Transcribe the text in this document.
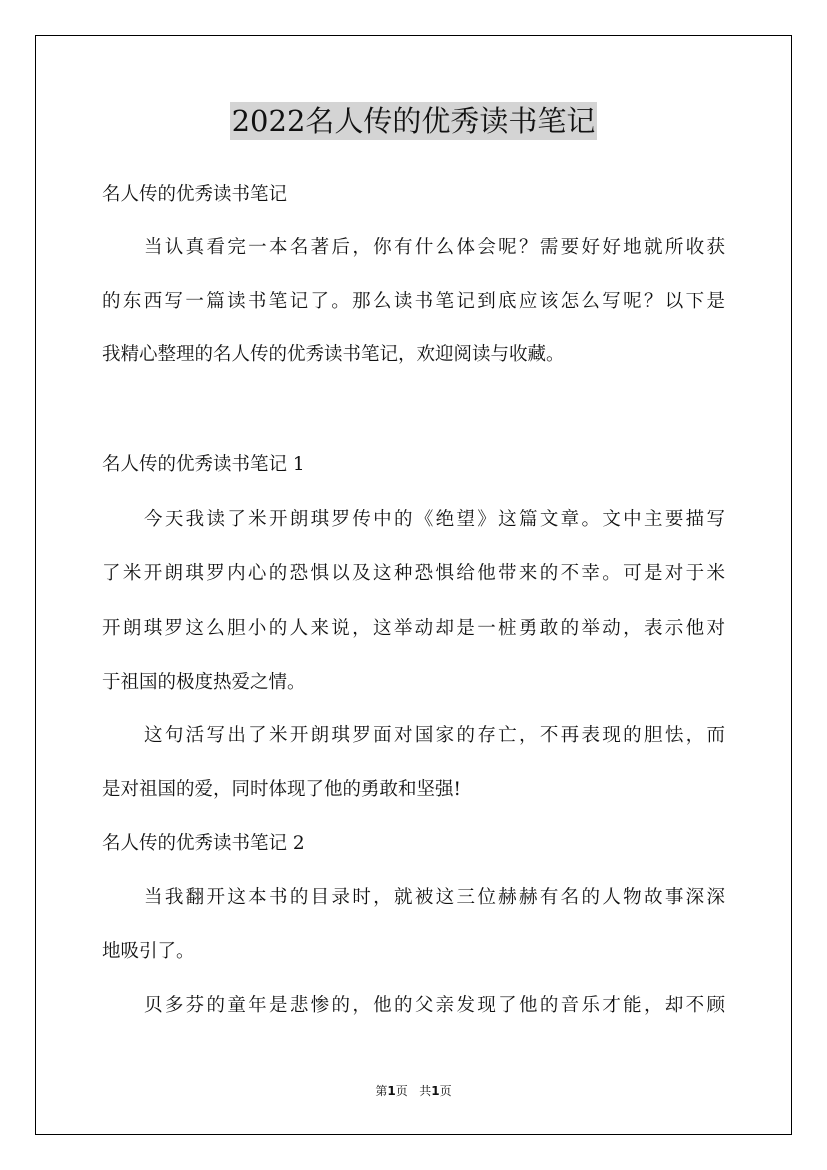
2022名人传的优秀读书笔记

名人传的优秀读书笔记

当认真看完一本名著后，你有什么体会呢？需要好好地就所收获

的东西写一篇读书笔记了。那么读书笔记到底应该怎么写呢？以下是

我精心整理的名人传的优秀读书笔记，欢迎阅读与收藏。

名人传的优秀读书笔记 1

今天我读了米开朗琪罗传中的《绝望》这篇文章。文中主要描写

了米开朗琪罗内心的恐惧以及这种恐惧给他带来的不幸。可是对于米

开朗琪罗这么胆小的人来说，这举动却是一桩勇敢的举动，表示他对

于祖国的极度热爱之情。

这句活写出了米开朗琪罗面对国家的存亡，不再表现的胆怯，而

是对祖国的爱，同时体现了他的勇敢和坚强!

名人传的优秀读书笔记 2

当我翻开这本书的目录时，就被这三位赫赫有名的人物故事深深

地吸引了。

贝多芬的童年是悲惨的，他的父亲发现了他的音乐才能，却不顾

第1页 共1页
